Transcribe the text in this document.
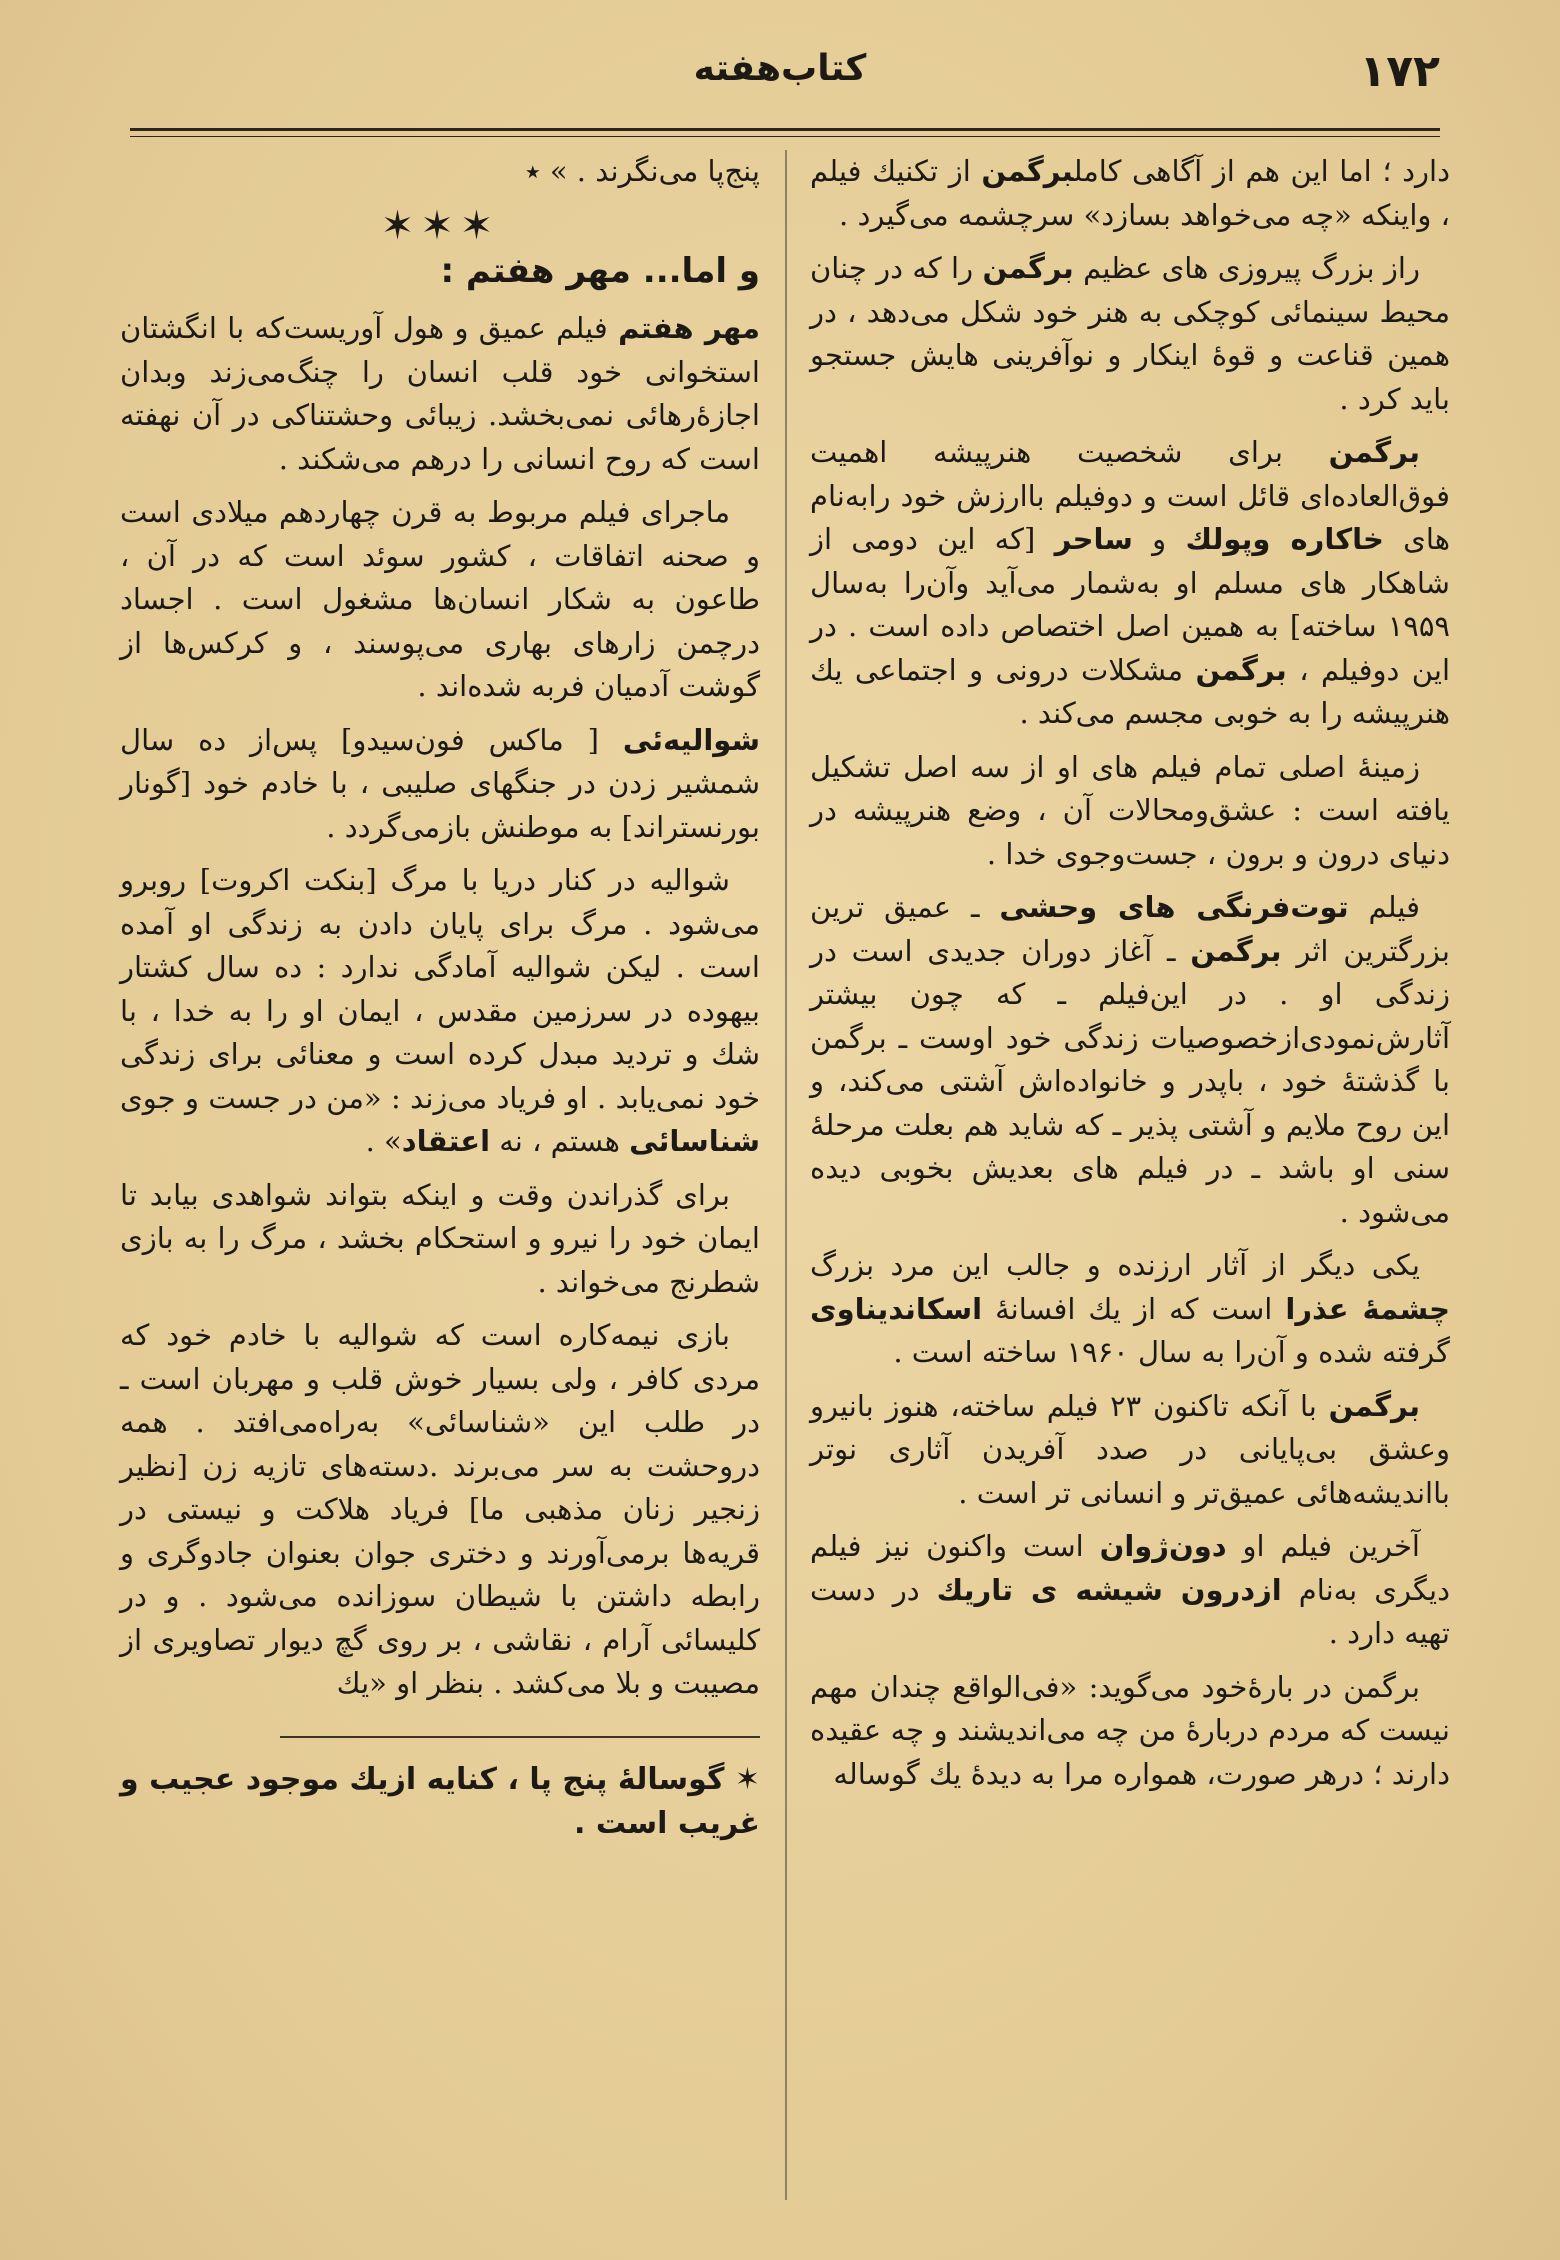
۱۷۲
کتاب‌هفته

دارد ؛ اما این هم از آگاهی کاملبرگمن از تکنیك فیلم ، واینکه «چه می‌خواهد بسازد» سرچشمه می‌گیرد .

راز بزرگ پیروزی های عظیم برگمن را که در چنان محیط سینمائی کوچکی به هنر خود شکل می‌دهد ، در همین قناعت و قوهٔ اینکار و نوآفرینی هایش جستجو باید کرد .

برگمن برای شخصیت هنرپیشه اهمیت فوق‌العاده‌ای قائل است و دوفیلم باارزش خود رابه‌نام های خاکاره وپولك و ساحر [که این دومی از شاهکار های مسلم او به‌شمار می‌آید وآن‌را به‌سال ۱۹۵۹ ساخته] به همین اصل اختصاص داده است . در این دوفیلم ، برگمن مشکلات درونی و اجتماعی یك هنرپیشه را به خوبی مجسم می‌کند .

زمینهٔ اصلی تمام فیلم های او از سه اصل تشکیل یافته است : عشق‌ومحالات آن ، وضع هنرپیشه در دنیای درون و برون ، جست‌وجوی خدا .

فیلم توت‌فرنگی های وحشی ـ عمیق ترین بزرگترین اثر برگمن ـ آغاز دوران جدیدی است در زندگی او . در این‌فیلم ـ که چون بیشتر آثارش‌نمودی‌ازخصوصیات زندگی خود اوست ـ برگمن با گذشتهٔ خود ، باپدر و خانواده‌اش آشتی می‌کند، و این روح ملایم و آشتی پذیر ـ که شاید هم بعلت مرحلهٔ سنی او باشد ـ در فیلم های بعدیش بخوبی دیده می‌شود .

یکی دیگر از آثار ارزنده و جالب این مرد بزرگ چشمهٔ عذرا است که از یك افسانهٔ اسکاندیناوی گرفته شده و آن‌را به سال ۱۹۶۰ ساخته است .

برگمن با آنکه تاکنون ۲۳ فیلم ساخته، هنوز بانیرو وعشق بی‌پایانی در صدد آفریدن آثاری نوتر بااندیشه‌هائی عمیق‌تر و انسانی تر است .

آخرین فیلم او دون‌ژوان است واکنون نیز فیلم دیگری به‌نام ازدرون شیشه ی تاریك در دست تهیه دارد .

برگمن در بارهٔ‌خود می‌گوید: «فی‌الواقع چندان مهم نیست که مردم دربارهٔ من چه می‌اندیشند و چه عقیده دارند ؛ درهر صورت، همواره مرا به دیدهٔ یك گوساله

پنج‌پا می‌نگرند . » ٭

✶✶✶
و اما... مهر هفتم :

مهر هفتم فیلم عمیق و هول آوریست‌که با انگشتان استخوانی خود قلب انسان را چنگ‌می‌زند وبدان اجازهٔ‌رهائی نمی‌بخشد. زیبائی وحشتناکی در آن نهفته است که روح انسانی را درهم می‌شکند .

ماجرای فیلم مربوط به قرن چهاردهم میلادی است و صحنه اتفاقات ، کشور سوئد است که در آن ، طاعون به شکار انسان‌ها مشغول است . اجساد درچمن زارهای بهاری می‌پوسند ، و کرکس‌ها از گوشت آدمیان فربه شده‌اند .

شوالیه‌ئی [ ماکس فون‌سیدو] پس‌از ده سال شمشیر زدن در جنگهای صلیبی ، با خادم خود [گونار بورنستراند] به موطنش بازمی‌گردد .

شوالیه در کنار دریا با مرگ [بنکت اکروت] روبرو می‌شود . مرگ برای پایان دادن به زندگی او آمده است . لیکن شوالیه آمادگی ندارد : ده سال کشتار بیهوده در سرزمین مقدس ، ایمان او را به خدا ، با شك و تردید مبدل کرده است و معنائی برای زندگی خود نمی‌یابد . او فریاد می‌زند : «من در جست و جوی شناسائی هستم ، نه اعتقاد» .

برای گذراندن وقت و اینکه بتواند شواهدی بیابد تا ایمان خود را نیرو و استحکام بخشد ، مرگ را به بازی شطرنج می‌خواند .

بازی نیمه‌کاره است که شوالیه با خادم خود که مردی کافر ، ولی بسیار خوش قلب و مهربان است ـ در طلب این «شناسائی» به‌راه‌می‌افتد . همه دروحشت به سر می‌برند .دسته‌های تازیه زن [نظیر زنجیر زنان مذهبی ما] فریاد هلاکت و نیستی در قریه‌ها برمی‌آورند و دختری جوان بعنوان جادوگری و رابطه داشتن با شیطان سوزانده می‌شود . و در کلیسائی آرام ، نقاشی ، بر روی گچ دیوار تصاویری از مصیبت و بلا می‌کشد . بنظر او «یك

✶ گوسالهٔ پنج پا ، کنایه ازیك موجود عجیب و غریب است .
